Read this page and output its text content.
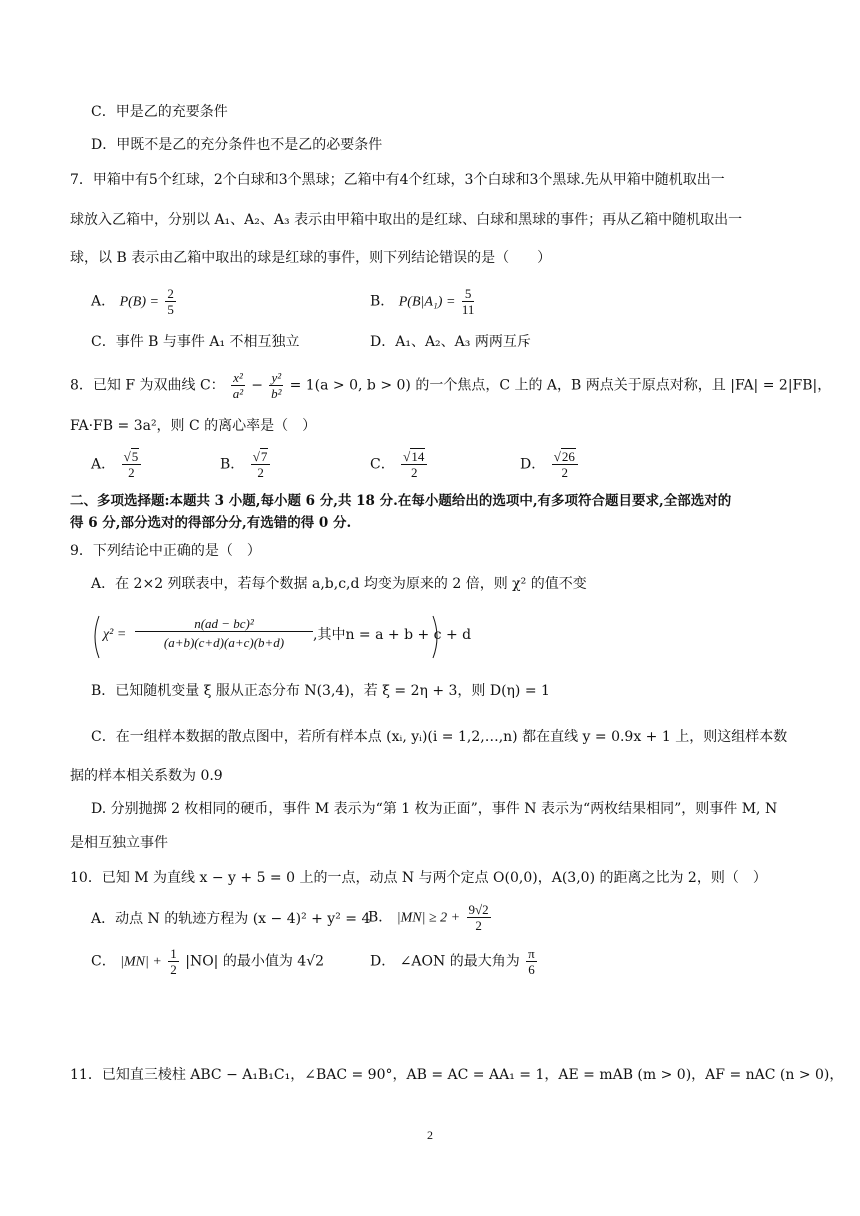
C．甲是乙的充要条件
D．甲既不是乙的充分条件也不是乙的必要条件
7．甲箱中有5个红球，2个白球和3个黑球；乙箱中有4个红球，3个白球和3个黑球.先从甲箱中随机取出一
球放入乙箱中，分别以 A₁、A₂、A₃ 表示由甲箱中取出的是红球、白球和黑球的事件；再从乙箱中随机取出一
球，以 B 表示由乙箱中取出的球是红球的事件，则下列结论错误的是（　　）
A． $P(B) = \frac{2}{5}$	B． $P(B|A_1) = \frac{5}{11}$
C．事件 B 与事件 A₁ 不相互独立	D．A₁、A₂、A₃ 两两互斥
8．已知 F 为双曲线 C： $\frac{\text{x²}}{\text{a²}} - \frac{\text{y²}}{\text{b²}} = 1(a > 0$, b > 0) 的一个焦点，C 上的 A，B 两点关于原点对称，且 |FA| = 2|FB|，
FA·FB = 3a²，则 C 的离心率是（　）
A． $\frac{√5}{2}$	B． $\frac{√7}{2}$	C． $\frac{√14}{2}$	D． $\frac{√26}{2}$
二、多项选择题:本题共 3 小题,每小题 6 分,共 18 分.在每小题给出的选项中,有多项符合题目要求,全部选对的
得 6 分,部分选对的得部分分,有选错的得 0 分.
9．下列结论中正确的是（　）
A．在 2×2 列联表中，若每个数据 a,b,c,d 均变为原来的 2 倍，则 χ² 的值不变
$\chi^2 = \frac{\text{n(ad − bc)²}}{(a+b)(c+d)(a+c)(b+d)}$ ,其中n = a + b + c + d
B．已知随机变量 ξ 服从正态分布 N(3,4)，若 ξ = 2η + 3，则 D(η) = 1
C．在一组样本数据的散点图中，若所有样本点 (xᵢ, yᵢ)(i = 1,2,…,n) 都在直线 y = 0.9x + 1 上，则这组样本数
据的样本相关系数为 0.9
D. 分别抛掷 2 枚相同的硬币，事件 M 表示为“第 1 枚为正面”，事件 N 表示为“两枚结果相同”，则事件 M, N
是相互独立事件
10．已知 M 为直线 x − y + 5 = 0 上的一点，动点 N 与两个定点 O(0,0)，A(3,0) 的距离之比为 2，则（　）
A．动点 N 的轨迹方程为 (x − 4)² + y² = 4
B． $|MN| \ge 2 + \frac{9√2}{2}$
C． $|MN| + \frac{1}{2} |NO|$ 的最小值为 4√2	D． ∠AON 的最大角为 $\frac{\pi}{6}$
11．已知直三棱柱 ABC − A₁B₁C₁，∠BAC = 90°，AB = AC = AA₁ = 1，AE = mAB (m > 0)，AF = nAC (n > 0)，
2
